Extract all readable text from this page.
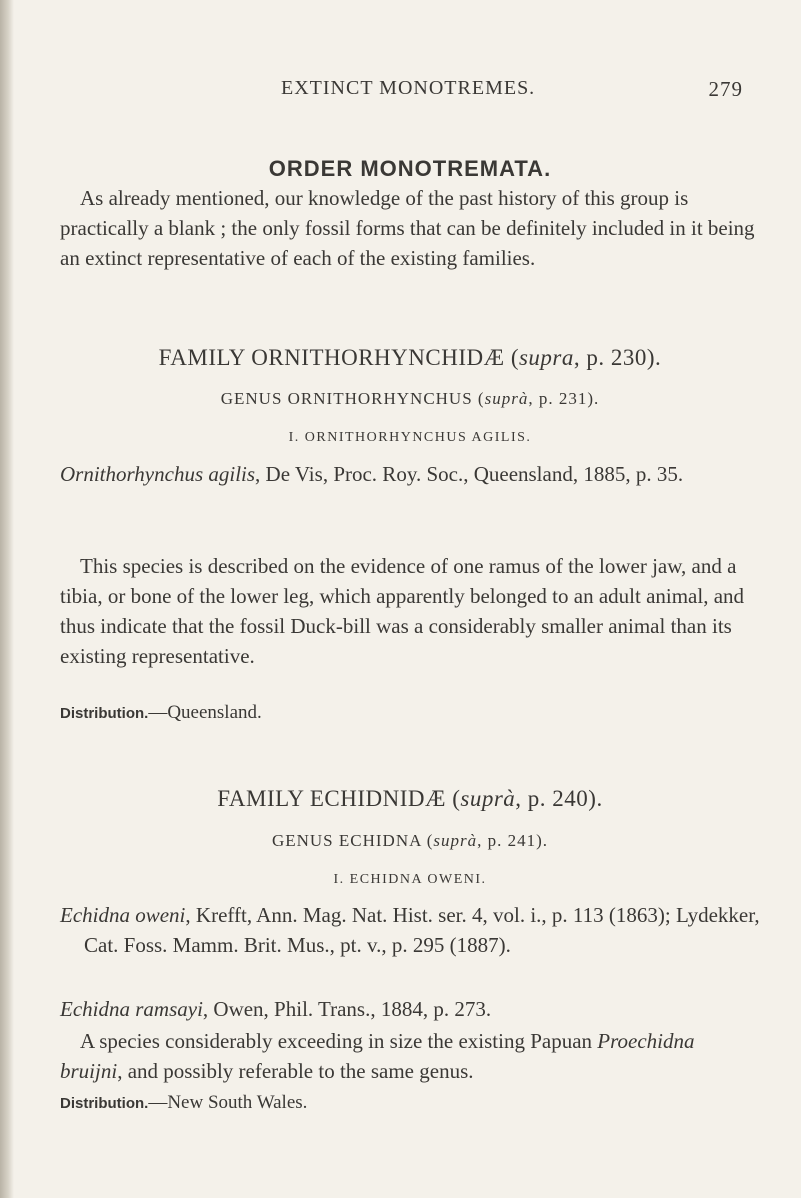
EXTINCT MONOTREMES.	279
ORDER MONOTREMATA.

As already mentioned, our knowledge of the past history of this group is practically a blank ; the only fossil forms that can be definitely included in it being an extinct representative of each of the existing families.

FAMILY ORNITHORHYNCHIDÆ (supra, p. 230).
GENUS ORNITHORHYNCHUS (suprà, p. 231).
I. ORNITHORHYNCHUS AGILIS.

Ornithorhynchus agilis, De Vis, Proc. Roy. Soc., Queensland, 1885, p. 35.

This species is described on the evidence of one ramus of the lower jaw, and a tibia, or bone of the lower leg, which apparently belonged to an adult animal, and thus indicate that the fossil Duck-bill was a considerably smaller animal than its existing representative.

Distribution.—Queensland.

FAMILY ECHIDNIDÆ (suprà, p. 240).
GENUS ECHIDNA (suprà, p. 241).
I. ECHIDNA OWENI.

Echidna oweni, Krefft, Ann. Mag. Nat. Hist. ser. 4, vol. i., p. 113 (1863); Lydekker, Cat. Foss. Mamm. Brit. Mus., pt. v., p. 295 (1887).

Echidna ramsayi, Owen, Phil. Trans., 1884, p. 273.

A species considerably exceeding in size the existing Papuan Proechidna bruijni, and possibly referable to the same genus.

Distribution.—New South Wales.
